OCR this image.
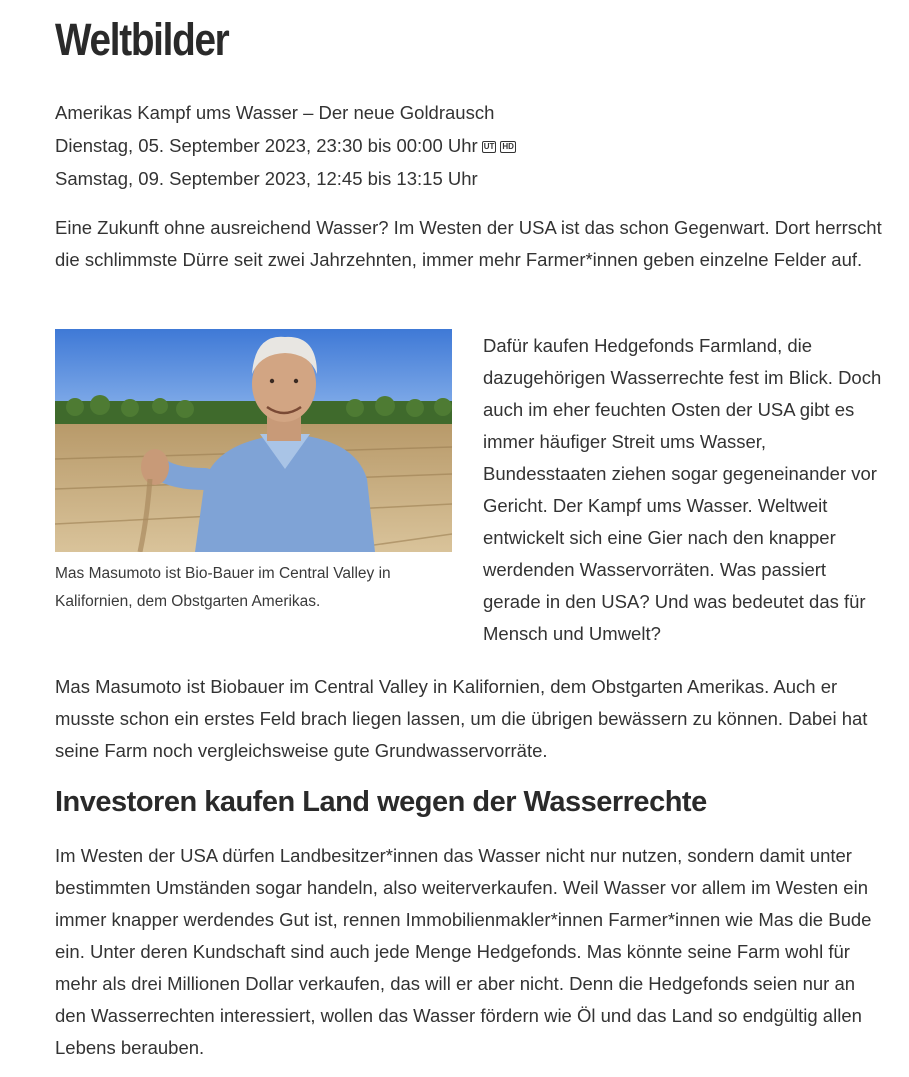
Weltbilder
Amerikas Kampf ums Wasser – Der neue Goldrausch
Dienstag, 05. September 2023, 23:30 bis 00:00 Uhr UT HD
Samstag, 09. September 2023, 12:45 bis 13:15 Uhr

Eine Zukunft ohne ausreichend Wasser? Im Westen der USA ist das schon Gegenwart. Dort herrscht die schlimmste Dürre seit zwei Jahrzehnten, immer mehr Farmer*innen geben einzelne Felder auf.

Mas Masumoto ist Bio-Bauer im Central Valley in Kalifornien, dem Obstgarten Amerikas.

Dafür kaufen Hedgefonds Farmland, die dazugehörigen Wasserrechte fest im Blick. Doch auch im eher feuchten Osten der USA gibt es immer häufiger Streit ums Wasser, Bundesstaaten ziehen sogar gegeneinander vor Gericht. Der Kampf ums Wasser. Weltweit entwickelt sich eine Gier nach den knapper werdenden Wasservorräten. Was passiert gerade in den USA? Und was bedeutet das für Mensch und Umwelt?

Mas Masumoto ist Biobauer im Central Valley in Kalifornien, dem Obstgarten Amerikas. Auch er musste schon ein erstes Feld brach liegen lassen, um die übrigen bewässern zu können. Dabei hat seine Farm noch vergleichsweise gute Grundwasservorräte.

Investoren kaufen Land wegen der Wasserrechte

Im Westen der USA dürfen Landbesitzer*innen das Wasser nicht nur nutzen, sondern damit unter bestimmten Umständen sogar handeln, also weiterverkaufen. Weil Wasser vor allem im Westen ein immer knapper werdendes Gut ist, rennen Immobilienmakler*innen Farmer*innen wie Mas die Bude ein. Unter deren Kundschaft sind auch jede Menge Hedgefonds. Mas könnte seine Farm wohl für mehr als drei Millionen Dollar verkaufen, das will er aber nicht. Denn die Hedgefonds seien nur an den Wasserrechten interessiert, wollen das Wasser fördern wie Öl und das Land so endgültig allen Lebens berauben.
